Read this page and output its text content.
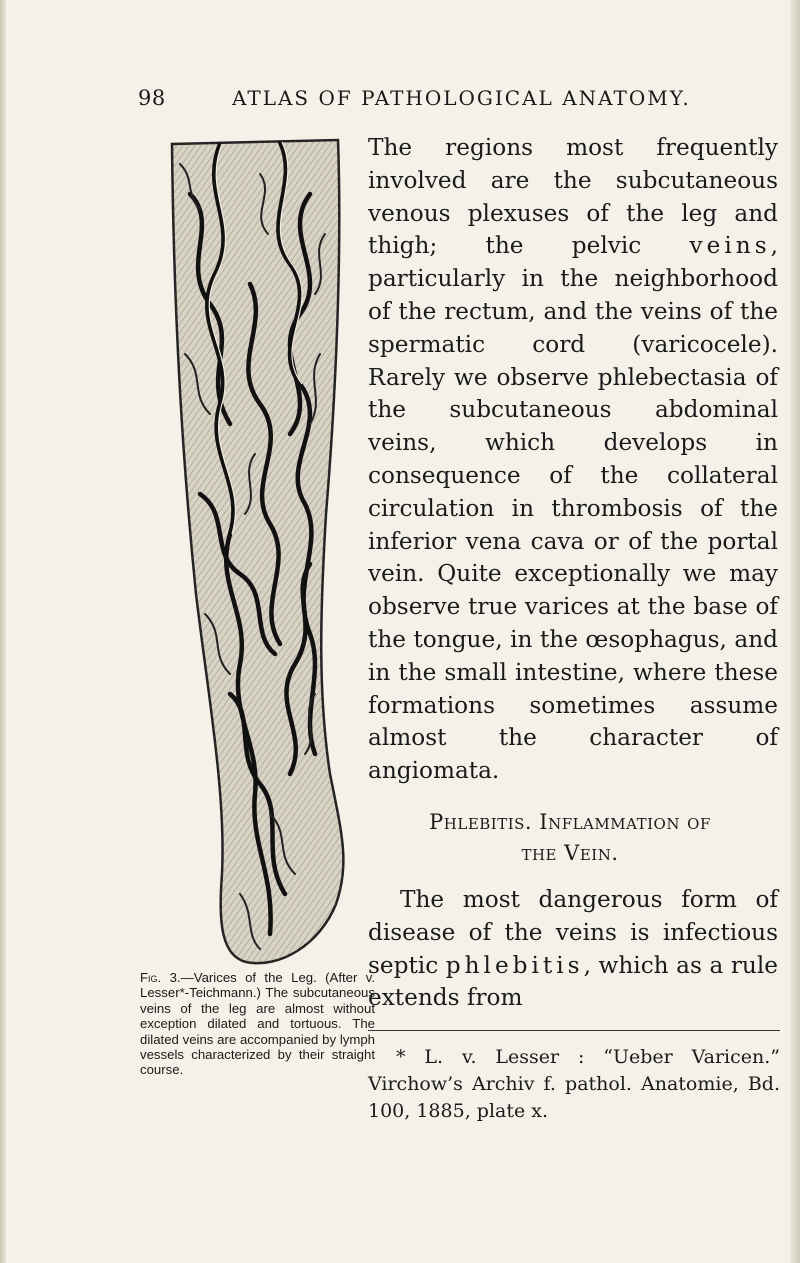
98	ATLAS OF PATHOLOGICAL ANATOMY.
Fig. 3.—Varices of the Leg. (After v. Lesser*-Teichmann.) The subcutaneous veins of the leg are almost without exception dilated and tortuous. The dilated veins are accompanied by lymph vessels characterized by their straight course.

The regions most frequently involved are the subcutaneous venous plexuses of the leg and thigh; the pelvic veins, particularly in the neighborhood of the rectum, and the veins of the spermatic cord (varicocele). Rarely we observe phlebectasia of the subcutaneous abdominal veins, which develops in consequence of the collateral circulation in thrombosis of the inferior vena cava or of the portal vein. Quite exceptionally we may observe true varices at the base of the tongue, in the œsophagus, and in the small intestine, where these formations sometimes assume almost the character of angiomata.

Phlebitis. Inflammation of
the Vein.

The most dangerous form of disease of the veins is infectious septic phlebitis, which as a rule extends from

* L. v. Lesser : “Ueber Varicen.” Virchow’s Archiv f. pathol. Anatomie, Bd. 100, 1885, plate x.
